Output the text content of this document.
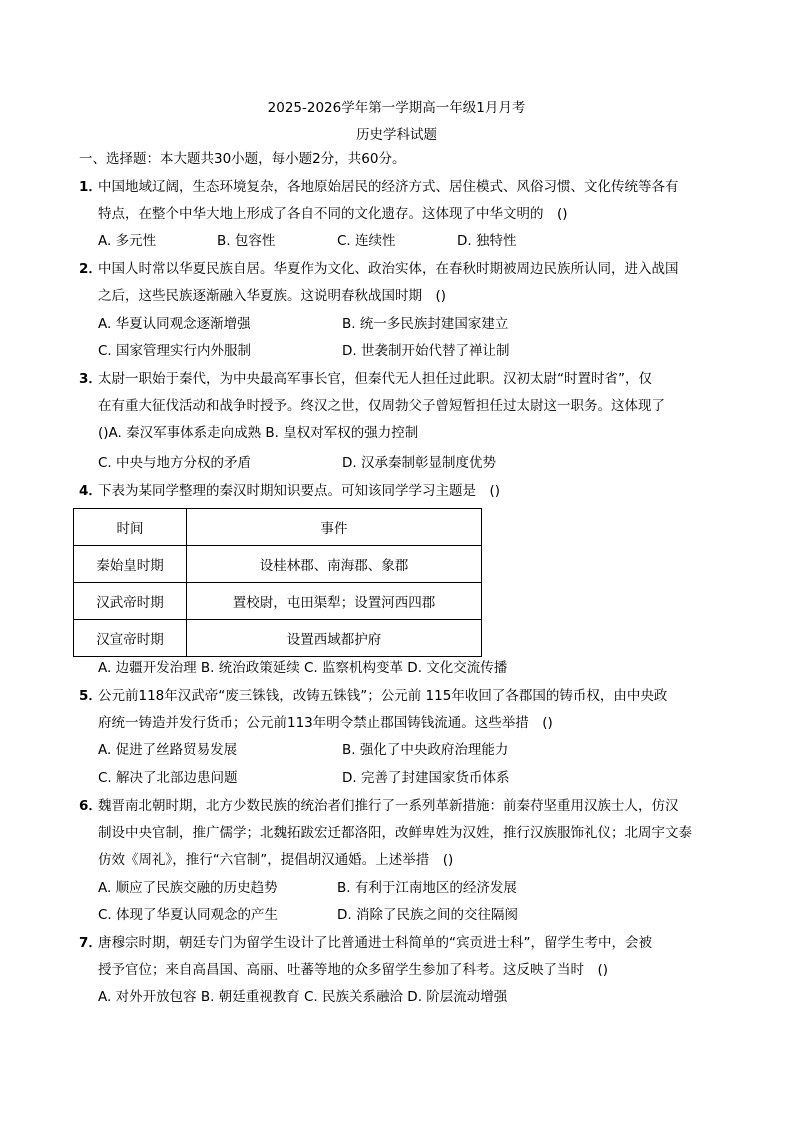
2025-2026学年第一学期高一年级1月月考
历史学科试题
一、选择题：本大题共30小题，每小题2分，共60分。
1．
中国地域辽阔，生态环境复杂，各地原始居民的经济方式、居住模式、风俗习惯、文化传统等各有
特点，在整个中华大地上形成了各自不同的文化遗存。这体现了中华文明的　()
A. 多元性	B. 包容性	C. 连续性	D. 独特性
2．
中国人时常以华夏民族自居。华夏作为文化、政治实体，在春秋时期被周边民族所认同，进入战国
之后，这些民族逐渐融入华夏族。这说明春秋战国时期　()
A. 华夏认同观念逐渐增强	B. 统一多民族封建国家建立
C. 国家管理实行内外服制	D. 世袭制开始代替了禅让制
3．
太尉一职始于秦代，为中央最高军事长官，但秦代无人担任过此职。汉初太尉“时置时省”，仅
在有重大征伐活动和战争时授予。终汉之世，仅周勃父子曾短暂担任过太尉这一职务。这体现了
()A. 秦汉军事体系走向成熟 B. 皇权对军权的强力控制
C. 中央与地方分权的矛盾	D. 汉承秦制彰显制度优势
4．
下表为某同学整理的秦汉时期知识要点。可知该同学学习主题是　()
时间	事件
秦始皇时期	设桂林郡、南海郡、象郡
汉武帝时期	置校尉，屯田渠犁；设置河西四郡
汉宣帝时期	设置西域都护府
A. 边疆开发治理 B. 统治政策延续 C. 监察机构变革 D. 文化交流传播
5．
公元前118年汉武帝“废三铢钱，改铸五铢钱”；公元前 115年收回了各郡国的铸币权，由中央政
府统一铸造并发行货币；公元前113年明令禁止郡国铸钱流通。这些举措　()
A. 促进了丝路贸易发展	B. 强化了中央政府治理能力
C. 解决了北部边患问题	D. 完善了封建国家货币体系
6．
魏晋南北朝时期，北方少数民族的统治者们推行了一系列革新措施：前秦苻坚重用汉族士人，仿汉
制设中央官制，推广儒学；北魏拓跋宏迁都洛阳，改鲜卑姓为汉姓，推行汉族服饰礼仪；北周宇文泰
仿效《周礼》，推行“六官制”，提倡胡汉通婚。上述举措　()
A. 顺应了民族交融的历史趋势	B. 有利于江南地区的经济发展
C. 体现了华夏认同观念的产生	D. 消除了民族之间的交往隔阂
7．
唐穆宗时期，朝廷专门为留学生设计了比普通进士科简单的“宾贡进士科”，留学生考中，会被
授予官位；来自高昌国、高丽、吐蕃等地的众多留学生参加了科考。这反映了当时　()
A. 对外开放包容 B. 朝廷重视教育 C. 民族关系融洽 D. 阶层流动增强
